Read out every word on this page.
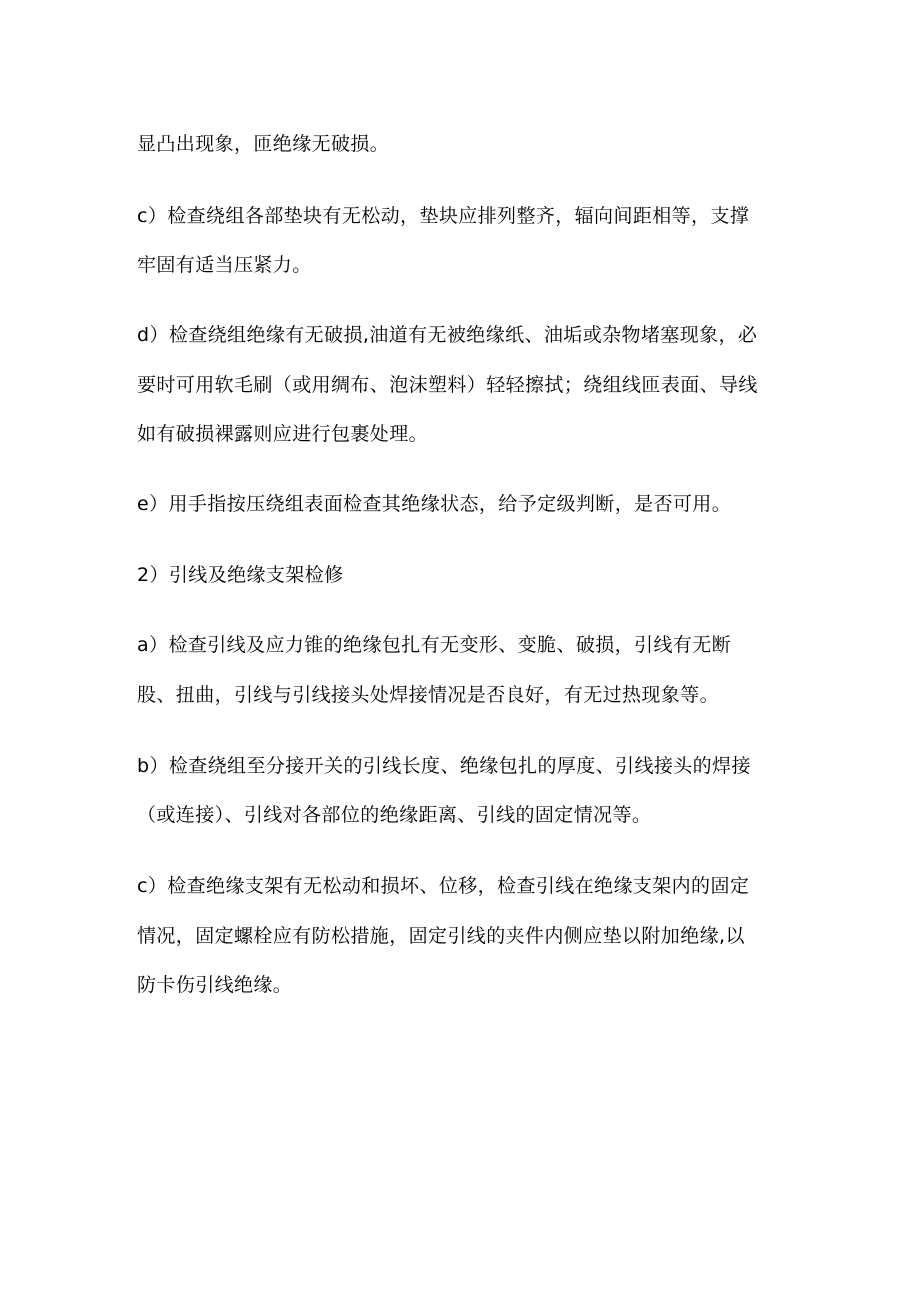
显凸出现象，匝绝缘无破损。
c）检查绕组各部垫块有无松动，垫块应排列整齐，辐向间距相等，支撑
牢固有适当压紧力。
d）检查绕组绝缘有无破损,油道有无被绝缘纸、油垢或杂物堵塞现象，必
要时可用软毛刷（或用绸布、泡沫塑料）轻轻擦拭；绕组线匝表面、导线
如有破损裸露则应进行包裹处理。
e）用手指按压绕组表面检查其绝缘状态，给予定级判断，是否可用。
2）引线及绝缘支架检修
a）检查引线及应力锥的绝缘包扎有无变形、变脆、破损，引线有无断
股、扭曲，引线与引线接头处焊接情况是否良好，有无过热现象等。
b）检查绕组至分接开关的引线长度、绝缘包扎的厚度、引线接头的焊接
（或连接）、引线对各部位的绝缘距离、引线的固定情况等。
c）检查绝缘支架有无松动和损坏、位移，检查引线在绝缘支架内的固定
情况，固定螺栓应有防松措施，固定引线的夹件内侧应垫以附加绝缘,以
防卡伤引线绝缘。
